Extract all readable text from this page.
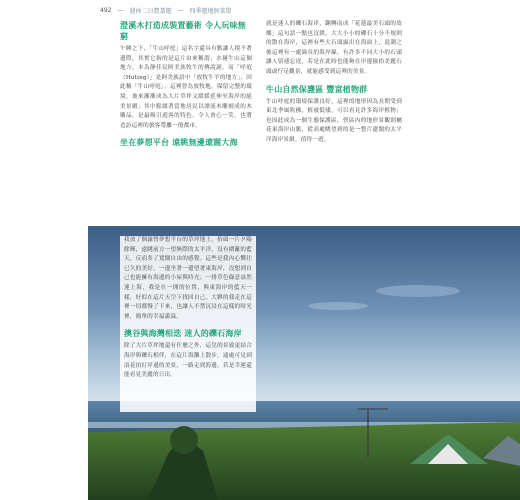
492 — 週休二日農業遊 — 四季遊地無菜單
澄溪木打造成裝置藝術 令人玩味無窮

午睡之下，「牛山呼庭」這名字還具有點讓人摸不著邊際，其實它指的是這片由來稱謂；水璉牛山這個地方，本為靜佳民阿美族牧牛的傳說誕，而「呼庭（Huting）」是阿美族語中「放牧牛羊的地方」，因此稱「牛山呼庭」。這裡曾為放牧地，保留完整的環境，後來漸漸成為大片草坪又緩緩延伸至海岸的絕美景緻；其中點綴著當地居民以漂流木雕刻成的木雕品，是最吸引遊客的特色，令人會心一笑，也將造訪這裡的旅客帶離一般都市。

坐在夢想平台 遠眺無邊遼闊大海

我放了個露營夢想平台的草坪地上，抬頭一片夕陽餘暉，遠眺前方一望無際的太平洋，沒有圍籬的藍天，反而多了寬闊自由的感覺。這些是我內心嚮往已久的美好，一邊坐著一邊望著東海岸，沒想到自己也能擁有海邊的小屋與時光；一排草色綠意盎然連上海，我是在一開的位置，與東海岸的藍天一樣，好似在這片天空下找回自己。大夥的我走在這裡一切都慢了下來，也讓人不禁沉浸在這樣的時光裡，簡單的幸福滿溢。

澳谷與海灣相迭 迷人的礫石海岸

除了大片草坪地還有什麼之外，這兒的景致更結合海岸與礫石相伴，在這片海灘上散步，遠處可見到浪花拍打岸邊的美景，一路走到海邊，若是幸運還能看見美麗的日出。

就是迷人的礫石海岸，翻轉而成「花蓮最美石頭的故鄉」這句話一點也沒錯，大大小小的礫石十分不規則的散在海岸，這裡有些大石頭露出在海面上，退潮之後這裡有一處綿長的海岸線，有許多不同大小的石頭讓人留連忘返，若是在此時也能夠在岸邊撿拾美麗石頭或佇足觀景，就能感受到這裡的美景。

牛山自然保護區 豐富植物群

牛山呼庭的環境保護良好，這裡的地形因為長期受到東北季風吹拂，植被低矮，可以看見許多海岸植物；也因此成為一個生態保護區，營區內的地形景觀則屬花東海岸山脈，從高處眺望到的是一整片遼闊的太平洋海岸景緻，值得一遊。
